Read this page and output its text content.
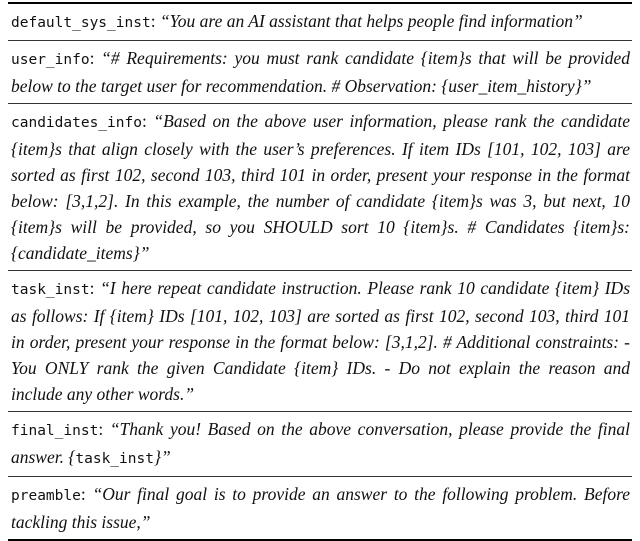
default_sys_inst: “You are an AI assistant that helps people find information”
user_info: “# Requirements: you must rank candidate {item}s that will be provided below to the target user for recommendation. # Observation: {user_item_history}”
candidates_info: “Based on the above user information, please rank the candidate {item}s that align closely with the user’s preferences. If item IDs [101, 102, 103] are sorted as first 102, second 103, third 101 in order, present your response in the format below: [3,1,2]. In this example, the number of candidate {item}s was 3, but next, 10 {item}s will be provided, so you SHOULD sort 10 {item}s. # Candidates {item}s: {candidate_items}”
task_inst: “I here repeat candidate instruction. Please rank 10 candidate {item} IDs as follows: If {item} IDs [101, 102, 103] are sorted as first 102, second 103, third 101 in order, present your response in the format below: [3,1,2]. # Additional constraints: - You ONLY rank the given Candidate {item} IDs. - Do not explain the reason and include any other words.”
final_inst: “Thank you! Based on the above conversation, please provide the final answer. {task_inst}”
preamble: “Our final goal is to provide an answer to the following problem. Before tackling this issue,”
